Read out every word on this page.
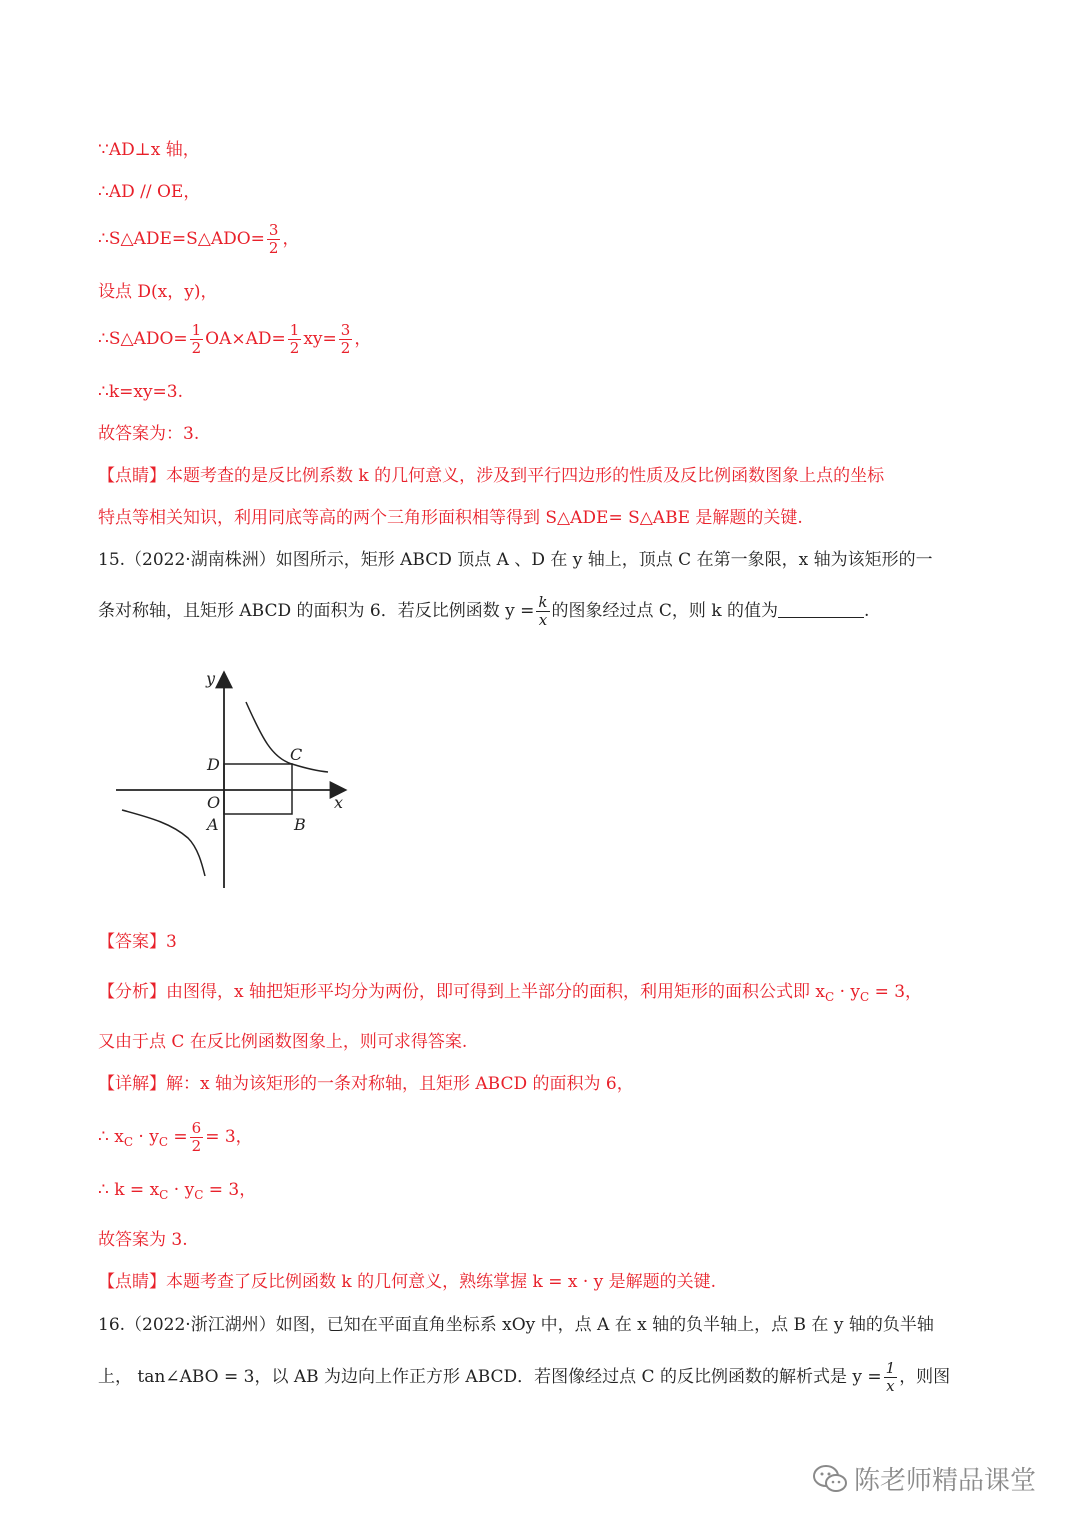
∵AD⊥x 轴，
∴AD // OE，
∴S△ADE=S△ADO= $\frac{3}{2}$ ，
设点 D(x，y)，
∴S△ADO= $\frac{1}{2} OA\times AD= \frac{1}{2} xy= \frac{3}{2}$ ，
∴k=xy=3.
故答案为：3.
【点睛】本题考查的是反比例系数 k 的几何意义，涉及到平行四边形的性质及反比例函数图象上点的坐标
特点等相关知识，利用同底等高的两个三角形面积相等得到 S△ADE= S△ABE 是解题的关键.
15.（2022·湖南株洲）如图所示，矩形 ABCD 顶点 A 、D 在 y 轴上，顶点 C 在第一象限，x 轴为该矩形的一
条对称轴，且矩形 ABCD 的面积为 6．若反比例函数 $y = \frac{k}{x}$ 的图象经过点 C，则 k 的值为	.
y
x
O
D
C
A	B
【答案】3
【分析】由图得，x 轴把矩形平均分为两份，即可得到上半部分的面积，利用矩形的面积公式即 $x_C \cdot y_C = 3$，
又由于点 C 在反比例函数图象上，则可求得答案.
【详解】解：x 轴为该矩形的一条对称轴，且矩形 ABCD 的面积为 6，
∴ $x_C \cdot y_C = \frac{6}{2} = 3$，
∴ $k = x_C \cdot y_C = 3$，
故答案为 3.
【点睛】本题考查了反比例函数 k 的几何意义，熟练掌握 k = x · y 是解题的关键.
16.（2022·浙江湖州）如图，已知在平面直角坐标系 xOy 中，点 A 在 x 轴的负半轴上，点 B 在 y 轴的负半轴
上， tan∠ABO = 3，以 AB 为边向上作正方形 ABCD．若图像经过点 C 的反比例函数的解析式是 $y = \frac{1}{x}$ ，则图
陈老师精品课堂
